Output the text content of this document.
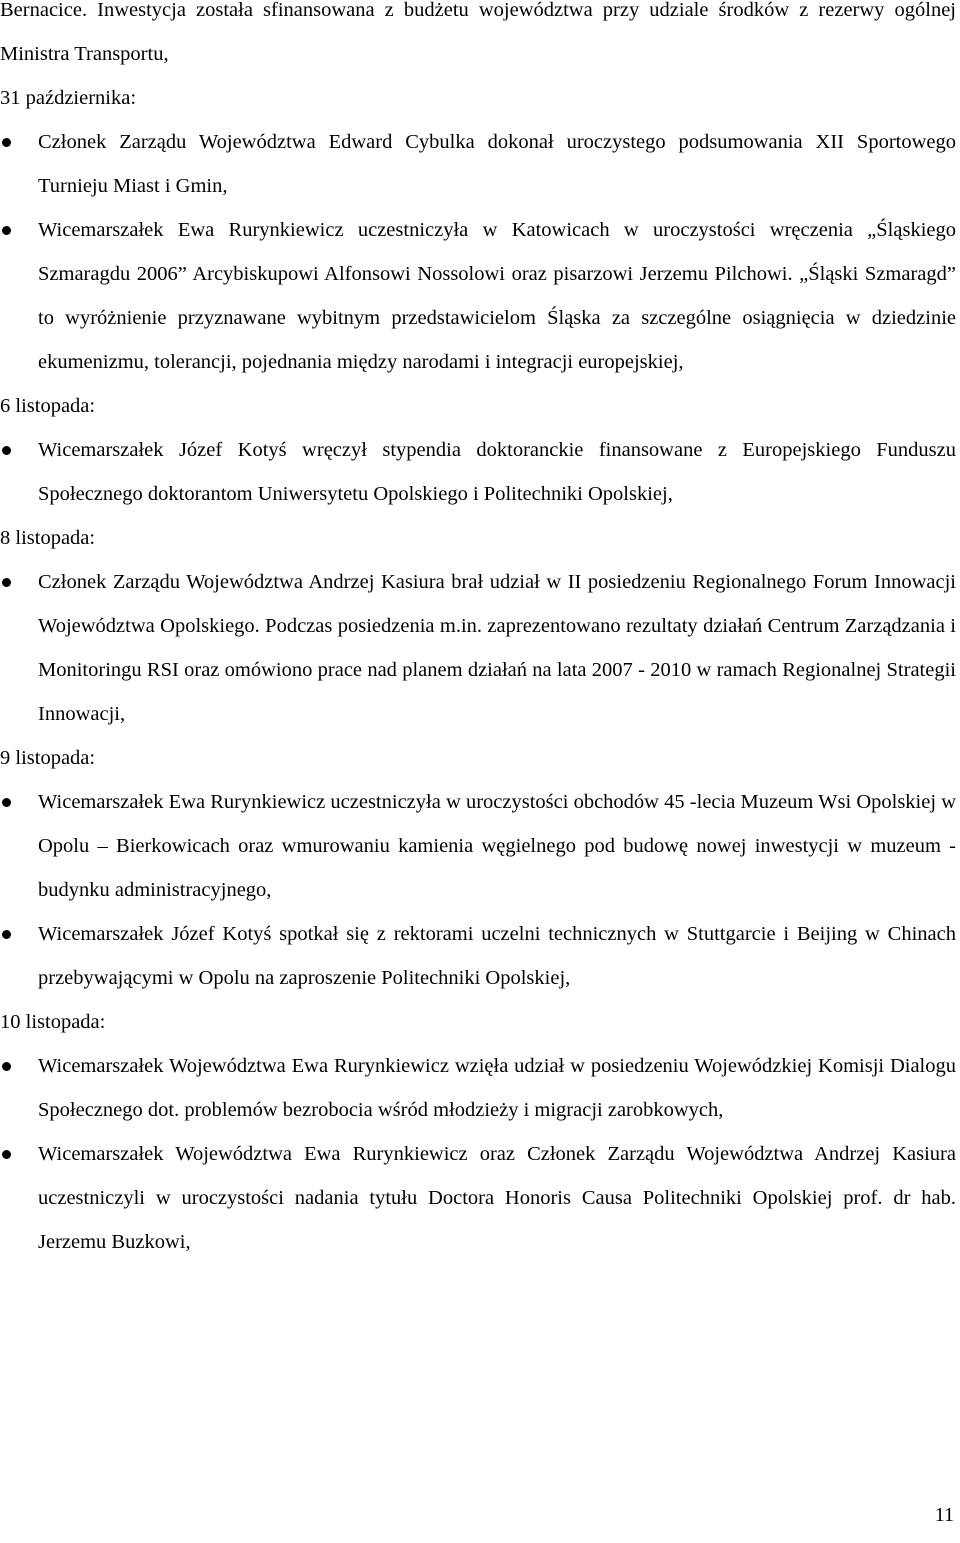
Bernacice. Inwestycja została sfinansowana z budżetu województwa przy udziale środków z rezerwy ogólnej Ministra Transportu,

31 października:

Członek Zarządu Województwa Edward Cybulka dokonał uroczystego podsumowania XII Sportowego Turnieju Miast i Gmin,
Wicemarszałek Ewa Rurynkiewicz uczestniczyła w Katowicach w uroczystości wręczenia „Śląskiego Szmaragdu 2006” Arcybiskupowi Alfonsowi Nossolowi oraz pisarzowi Jerzemu Pilchowi. „Śląski Szmaragd” to wyróżnienie przyznawane wybitnym przedstawicielom Śląska za szczególne osiągnięcia w dziedzinie ekumenizmu, tolerancji, pojednania między narodami i integracji europejskiej,

6 listopada:

Wicemarszałek Józef Kotyś wręczył stypendia doktoranckie finansowane z Europejskiego Funduszu Społecznego doktorantom Uniwersytetu Opolskiego i Politechniki Opolskiej,

8 listopada:

Członek Zarządu Województwa Andrzej Kasiura brał udział w II posiedzeniu Regionalnego Forum Innowacji Województwa Opolskiego. Podczas posiedzenia m.in. zaprezentowano rezultaty działań Centrum Zarządzania i Monitoringu RSI oraz omówiono prace nad planem działań na lata 2007 - 2010 w ramach Regionalnej Strategii Innowacji,

9 listopada:

Wicemarszałek Ewa Rurynkiewicz uczestniczyła w uroczystości obchodów 45 -lecia Muzeum Wsi Opolskiej w Opolu – Bierkowicach oraz wmurowaniu kamienia węgielnego pod budowę nowej inwestycji w muzeum - budynku administracyjnego,
Wicemarszałek Józef Kotyś spotkał się z rektorami uczelni technicznych w Stuttgarcie i Beijing w Chinach przebywającymi w Opolu na zaproszenie Politechniki Opolskiej,

10 listopada:

Wicemarszałek Województwa Ewa Rurynkiewicz wzięła udział w posiedzeniu Wojewódzkiej Komisji Dialogu Społecznego dot. problemów bezrobocia wśród młodzieży i migracji zarobkowych,
Wicemarszałek Województwa Ewa Rurynkiewicz oraz Członek Zarządu Województwa Andrzej Kasiura uczestniczyli w uroczystości nadania tytułu Doctora Honoris Causa Politechniki Opolskiej prof. dr hab. Jerzemu Buzkowi,
11
